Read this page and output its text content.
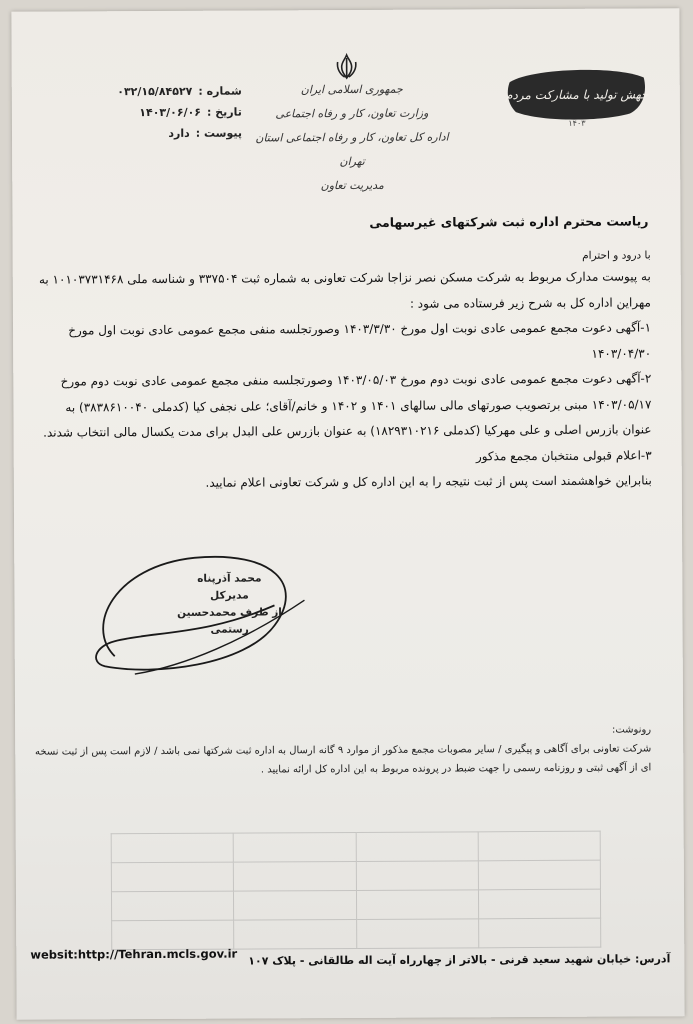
شماره :
۰۳۲/۱۵/۸۴۵۲۷
تاریخ :
۱۴۰۳/۰۶/۰۶
پیوست :
دارد
جمهوری اسلامی ایران
وزارت تعاون، کار و رفاه اجتماعی
اداره کل تعاون، کار و رفاه اجتماعی استان تهران
مدیریت تعاون
جهش تولید با مشارکت مردم
۱۴۰۳
ریاست محترم اداره ثبت شرکتهای غیرسهامی

با درود و احترام

به پیوست مدارک مربوط به شرکت مسکن نصر نزاجا شرکت تعاونی به شماره ثبت ۳۳۷۵۰۴ و شناسه ملی ۱۰۱۰۳۷۳۱۴۶۸ به مهراین اداره کل به شرح زیر فرستاده می شود :

۱-آگهی دعوت مجمع عمومی عادی نوبت اول مورخ ۱۴۰۳/۳/۳۰ وصورتجلسه منفی مجمع عمومی عادی نوبت اول مورخ ۱۴۰۳/۰۴/۳۰

۲-آگهی دعوت مجمع عمومی عادی نوبت دوم مورخ ۱۴۰۳/۰۵/۰۳ وصورتجلسه منفی مجمع عمومی عادی نوبت دوم مورخ ۱۴۰۳/۰۵/۱۷ مبنی برتصویب صورتهای مالی سالهای ۱۴۰۱ و ۱۴۰۲ و خانم/آقای؛ علی نجفی کیا (کدملی ۳۸۳۸۶۱۰۰۴۰) به عنوان بازرس اصلی و علی مهرکیا (کدملی ۱۸۲۹۳۱۰۲۱۶) به عنوان بازرس علی البدل برای مدت یکسال مالی انتخاب شدند.

۳-اعلام قبولی منتخبان مجمع مذکور

بنابراین خواهشمند است پس از ثبت نتیجه را به این اداره کل و شرکت تعاونی اعلام نمایید.

محمد آذرپناه
مدیرکل
از طرف محمدحسین رستمی
رونوشت:
شرکت تعاونی برای آگاهی و پیگیری / سایر مصوبات مجمع مذکور از موارد ۹ گانه ارسال به اداره ثبت شرکتها نمی باشد / لازم است پس از ثبت نسخه ای از آگهی ثبتی و روزنامه رسمی را جهت ضبط در پرونده مربوط به این اداره کل ارائه نمایید .

websit:http://Tehran.mcls.gov.ir آدرس: خیابان شهید سعید قرنی - بالاتر از چهارراه آیت اله طالقانی - پلاک ۱۰۷
